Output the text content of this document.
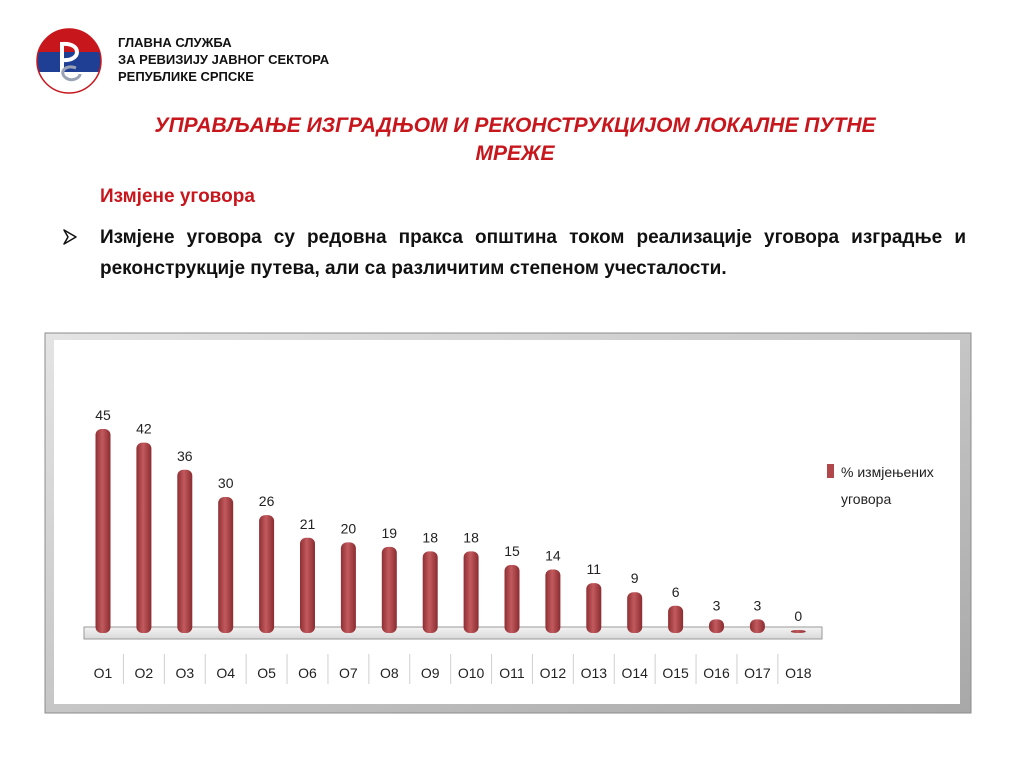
ГЛАВНА СЛУЖБА
ЗА РЕВИЗИЈУ ЈАВНОГ СЕКТОРА
РЕПУБЛИКЕ СРПСКЕ
УПРАВЉАЊЕ ИЗГРАДЊОМ И РЕКОНСТРУКЦИЈОМ ЛОКАЛНЕ ПУТНЕ
МРЕЖЕ
Измјене уговора
Измјене уговора су редовна пракса општина током реализације уговора изградње и реконструкције путева, али са различитим степеном учесталости.
45
O1
42
O2
36
O3
30
O4
26
O5
21
O6
20
O7
19
O8
18
O9
18
O10
15
O11
14
O12
11
O13
9
O14
6
O15
3
O16
3
O17
0
O18
% измјењених
уговора
